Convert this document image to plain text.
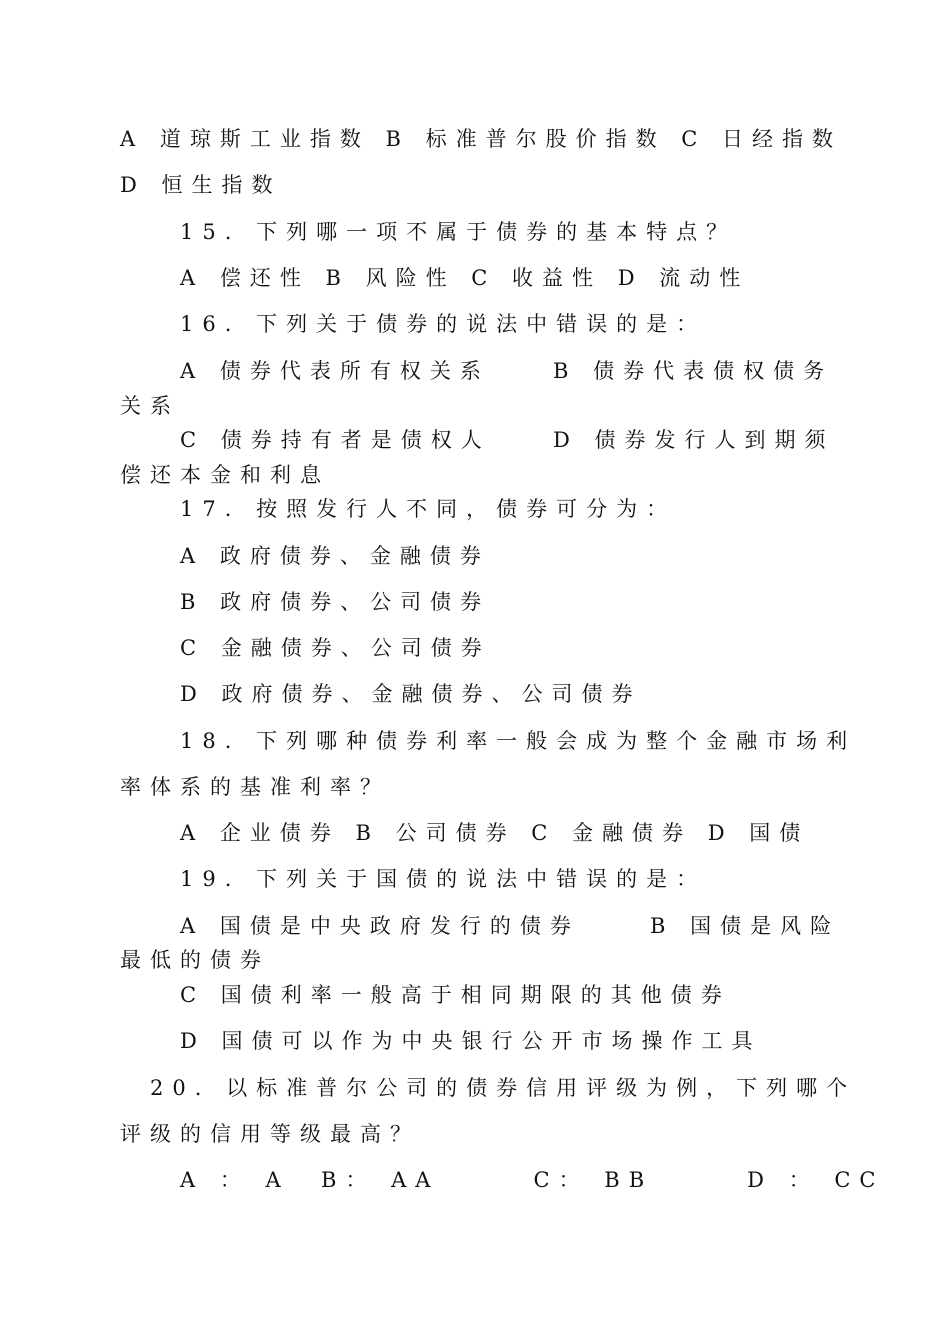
A 道琼斯工业指数 B 标准普尔股价指数 C 日经指数
D 恒生指数
15. 下列哪一项不属于债券的基本特点？
A 偿还性 B 风险性 C 收益性 D 流动性
16. 下列关于债券的说法中错误的是：
A 债券代表所有权关系	B 债券代表债权债务
关系
C 债券持有者是债权人	D 债券发行人到期须
偿还本金和利息
17. 按照发行人不同，债券可分为：
A 政府债券、金融债券
B 政府债券、公司债券
C 金融债券、公司债券
D 政府债券、金融债券、公司债券
18. 下列哪种债券利率一般会成为整个金融市场利
率体系的基准利率？
A 企业债券 B 公司债券 C 金融债券 D 国债
19. 下列关于国债的说法中错误的是：
A 国债是中央政府发行的债券	B 国债是风险
最低的债券
C 国债利率一般高于相同期限的其他债券
D 国债可以作为中央银行公开市场操作工具
20. 以标准普尔公司的债券信用评级为例，下列哪个
评级的信用等级最高？
A ： A  B： AA      C： BB      D ： CC
